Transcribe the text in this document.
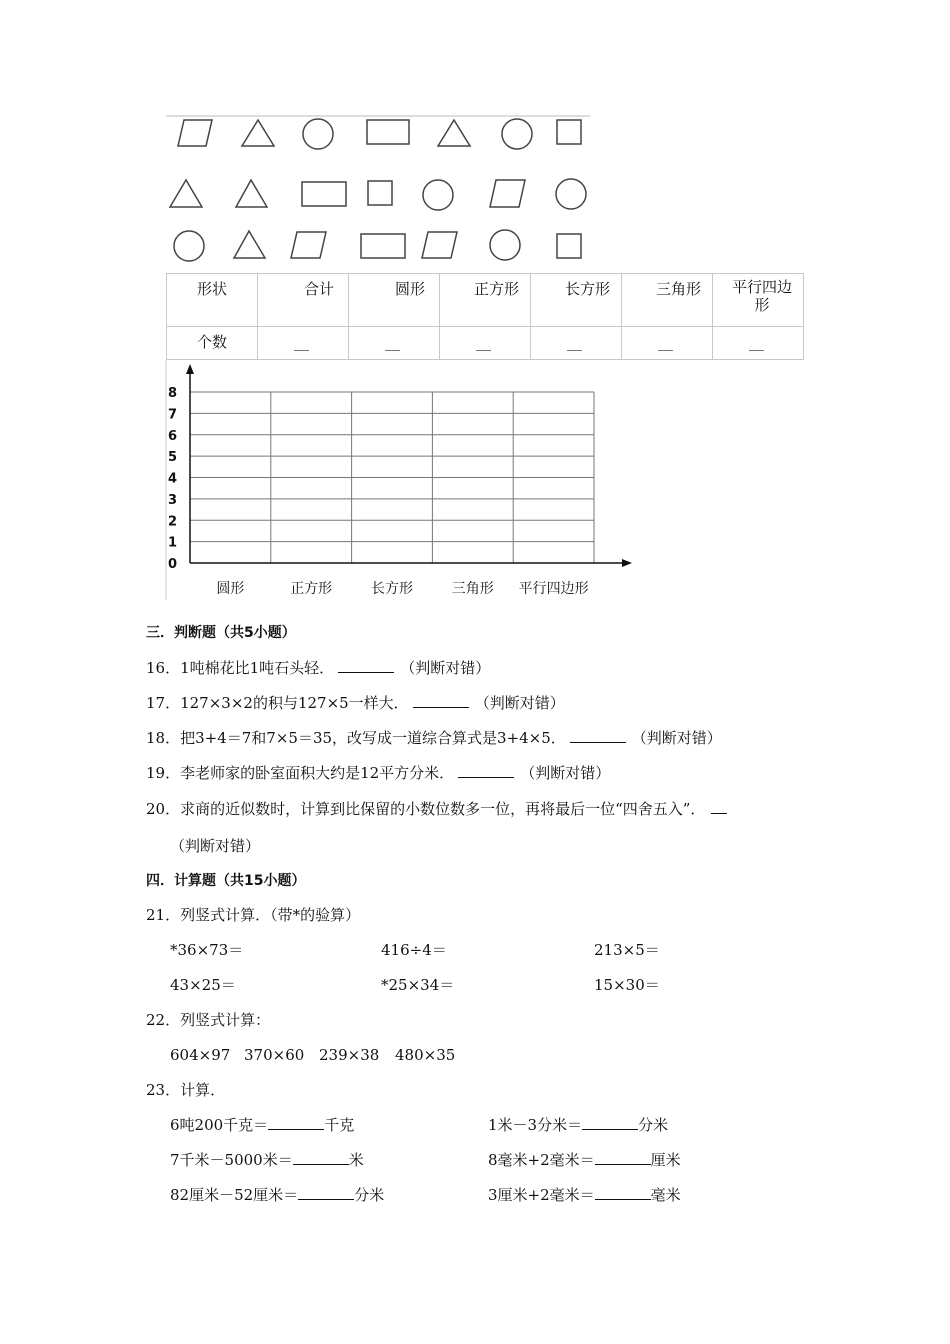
形状	合计	圆形	正方形	长方形	三角形	平行四边形

个数	__	__	__	__	__	__
0
1
2
3
4
5
6
7
8
圆形	正方形	长方形	三角形 平行四边形
三．判断题（共5小题）
16．1吨棉花比1吨石头轻．	（判断对错）
17．127×3×2的积与127×5一样大．	（判断对错）
18．把3+4＝7和7×5＝35，改写成一道综合算式是3+4×5．	（判断对错）
19．李老师家的卧室面积大约是12平方分米．	（判断对错）
20．求商的近似数时，计算到比保留的小数位数多一位，再将最后一位“四舍五入”．
（判断对错）
四．计算题（共15小题）
21．列竖式计算．（带*的验算）
*36×73＝	416÷4＝	213×5＝
43×25＝	*25×34＝	15×30＝
22．列竖式计算：
604×97 370×60 239×38 480×35
23．计算．
6吨200千克＝	千克	1米－3分米＝	分米
7千米－5000米＝	米	8毫米+2毫米＝	厘米
82厘米－52厘米＝	分米	3厘米+2毫米＝	毫米
